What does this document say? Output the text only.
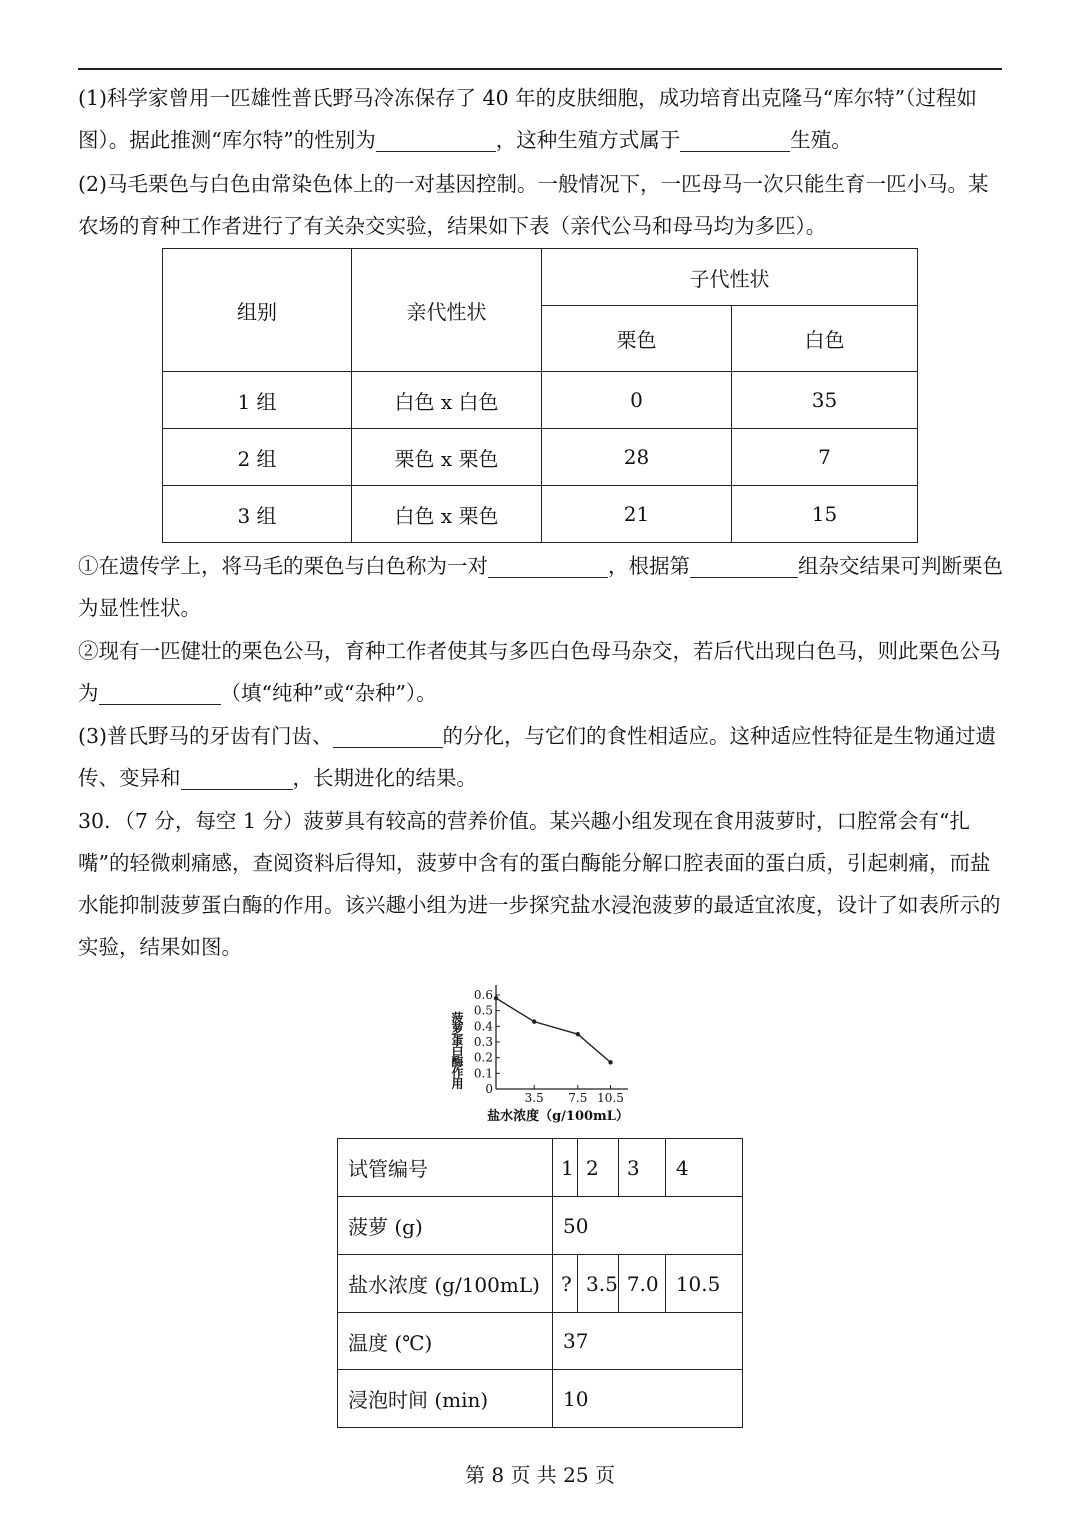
(1)科学家曾用一匹雄性普氏野马冷冻保存了 40 年的皮肤细胞，成功培育出克隆马“库尔特”（过程如图）。据此推测“库尔特”的性别为	，这种生殖方式属于	生殖。

(2)马毛栗色与白色由常染色体上的一对基因控制。一般情况下，一匹母马一次只能生育一匹小马。某农场的育种工作者进行了有关杂交实验，结果如下表（亲代公马和母马均为多匹）。

组别	亲代性状	子代性状	
		栗色	白色
1 组	白色 x 白色	0	35
2 组	栗色 x 栗色	28	7
3 组	白色 x 栗色	21	15

①在遗传学上，将马毛的栗色与白色称为一对	，根据第	组杂交结果可判断栗色为显性性状。

②现有一匹健壮的栗色公马，育种工作者使其与多匹白色母马杂交，若后代出现白色马，则此栗色公马为	（填“纯种”或“杂种”）。

(3)普氏野马的牙齿有门齿、	的分化，与它们的食性相适应。这种适应性特征是生物通过遗传、变异和	，长期进化的结果。

30．（7 分，每空 1 分）菠萝具有较高的营养价值。某兴趣小组发现在食用菠萝时，口腔常会有“扎嘴”的轻微刺痛感，查阅资料后得知，菠萝中含有的蛋白酶能分解口腔表面的蛋白质，引起刺痛，而盐水能抑制菠萝蛋白酶的作用。该兴趣小组为进一步探究盐水浸泡菠萝的最适宜浓度，设计了如表所示的实验，结果如图。

0
0.1
0.2
0.3
0.4
0.5
0.6
3.5 7.5 10.5
菠萝蛋白酶作用
盐水浓度（g/100mL）
试管编号	1	2	3	4
菠萝 (g)	50			
盐水浓度 (g/100mL)	?	3.5	7.0	10.5
温度 (℃)	37			
浸泡时间 (min)	10			
第 8 页 共 25 页
